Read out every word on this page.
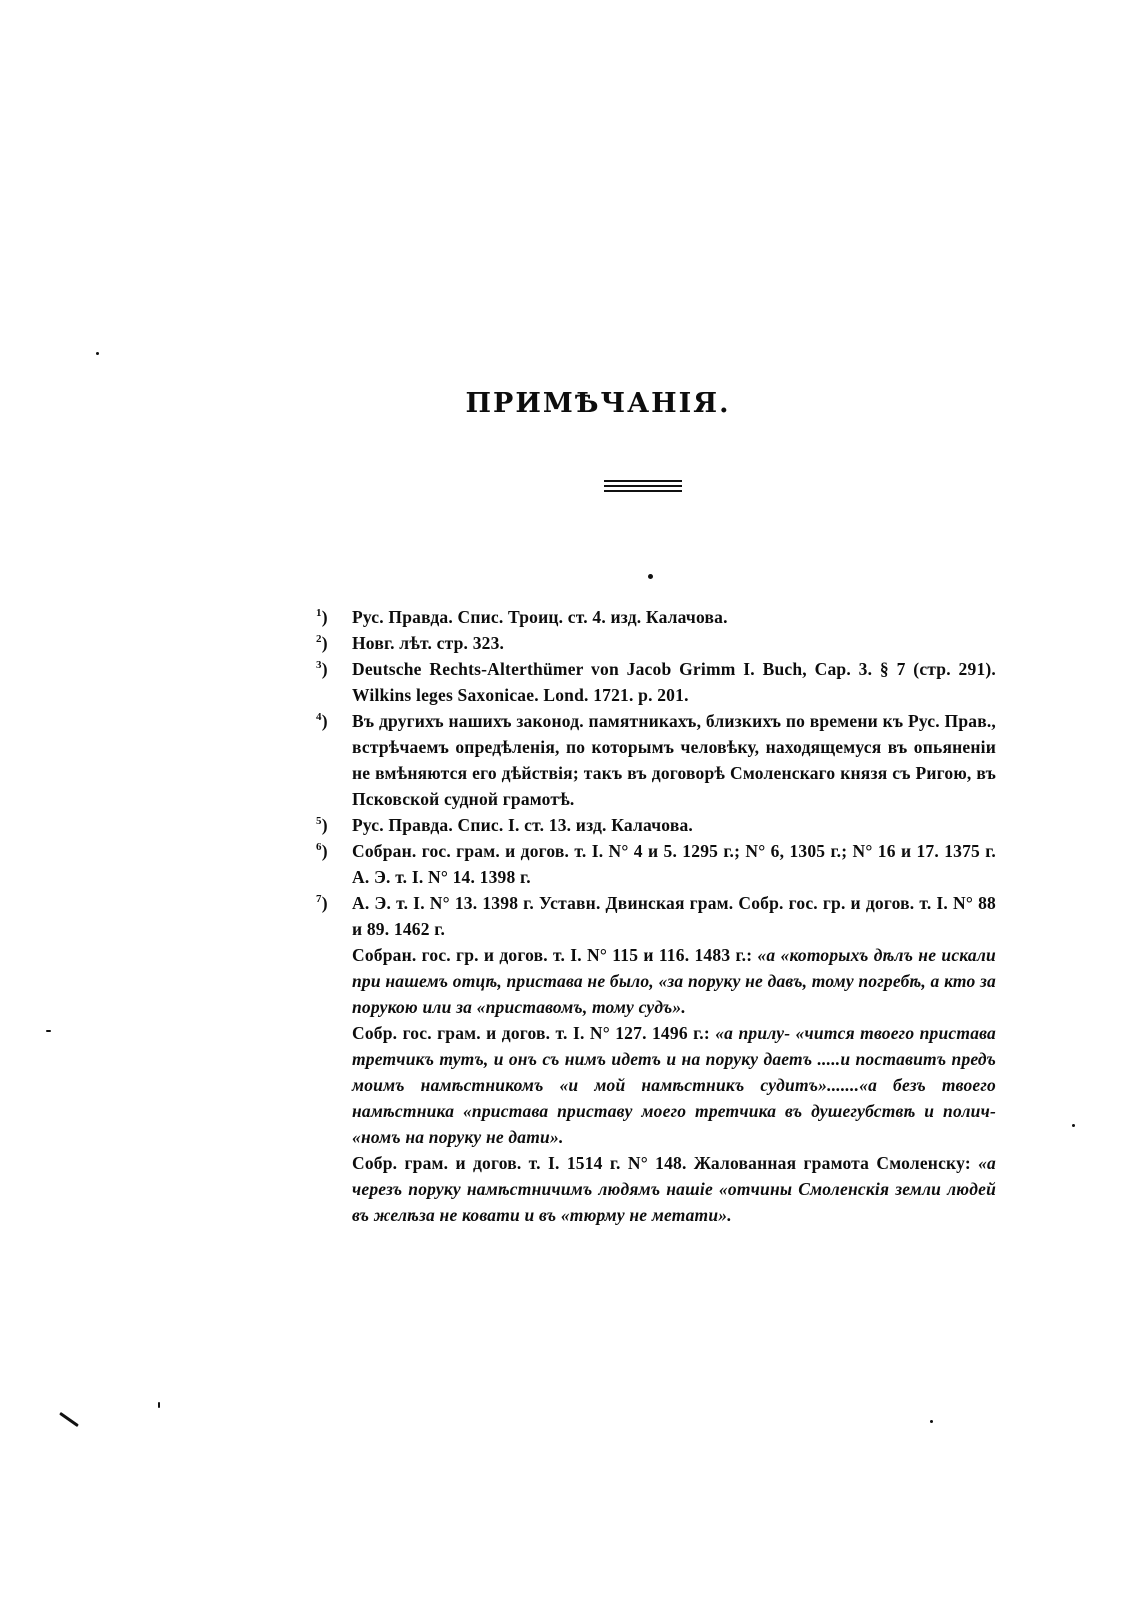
ПРИМѢЧАНІЯ.
$^1$) Рус. Правда. Спис. Троиц. ст. 4. изд. Калачова.
$^2$) Новг. лѣт. стр. 323.
$^3$) Deutsche Rechts-Alterthümer von Jacob Grimm I. Buch, Cap. 3. § 7 (стр. 291). Wilkins leges Saxonicae. Lond. 1721. p. 201.
$^4$) Въ другихъ нашихъ законод. памятникахъ, близкихъ по времени къ Рус. Прав., встрѣчаемъ опредѣленія, по которымъ человѣку, находящемуся въ опьяненіи не вмѣняются его дѣйствія; такъ въ договорѣ Смоленскаго князя съ Ригою, въ Псковской судной грамотѣ.
$^5$) Рус. Правда. Спис. I. ст. 13. изд. Калачова.
$^6$) Собран. гос. грам. и догов. т. I. N° 4 и 5. 1295 г.; N° 6, 1305 г.; N° 16 и 17. 1375 г. А. Э. т. I. N° 14. 1398 г.
$^7$) А. Э. т. I. N° 13. 1398 г. Уставн. Двинская грам. Собр. гос. гр. и догов. т. I. N° 88 и 89. 1462 г.
Собран. гос. гр. и догов. т. I. N° 115 и 116. 1483 г.: «а «которыхъ дѣлъ не искали при нашемъ отцѣ, пристава не было, «за поруку не давъ, тому погребѣ, а кто за порукою или за «приставомъ, тому судъ».
Собр. гос. грам. и догов. т. I. N° 127. 1496 г.: «а прилу- «чится твоего пристава третчикъ тутъ, и онъ съ нимъ идетъ и на поруку даетъ .....и поставитъ предъ моимъ намѣстникомъ «и мой намѣстникъ судитъ».......«а безъ твоего намѣстника «пристава приставу моего третчика въ душегубствѣ и полич- «номъ на поруку не дати».
Собр. грам. и догов. т. I. 1514 г. N° 148. Жалованная грамота Смоленску: «а черезъ поруку намѣстничимъ людямъ нашіе «отчины Смоленскія земли людей въ желѣза не ковати и въ «тюрму не метати».
